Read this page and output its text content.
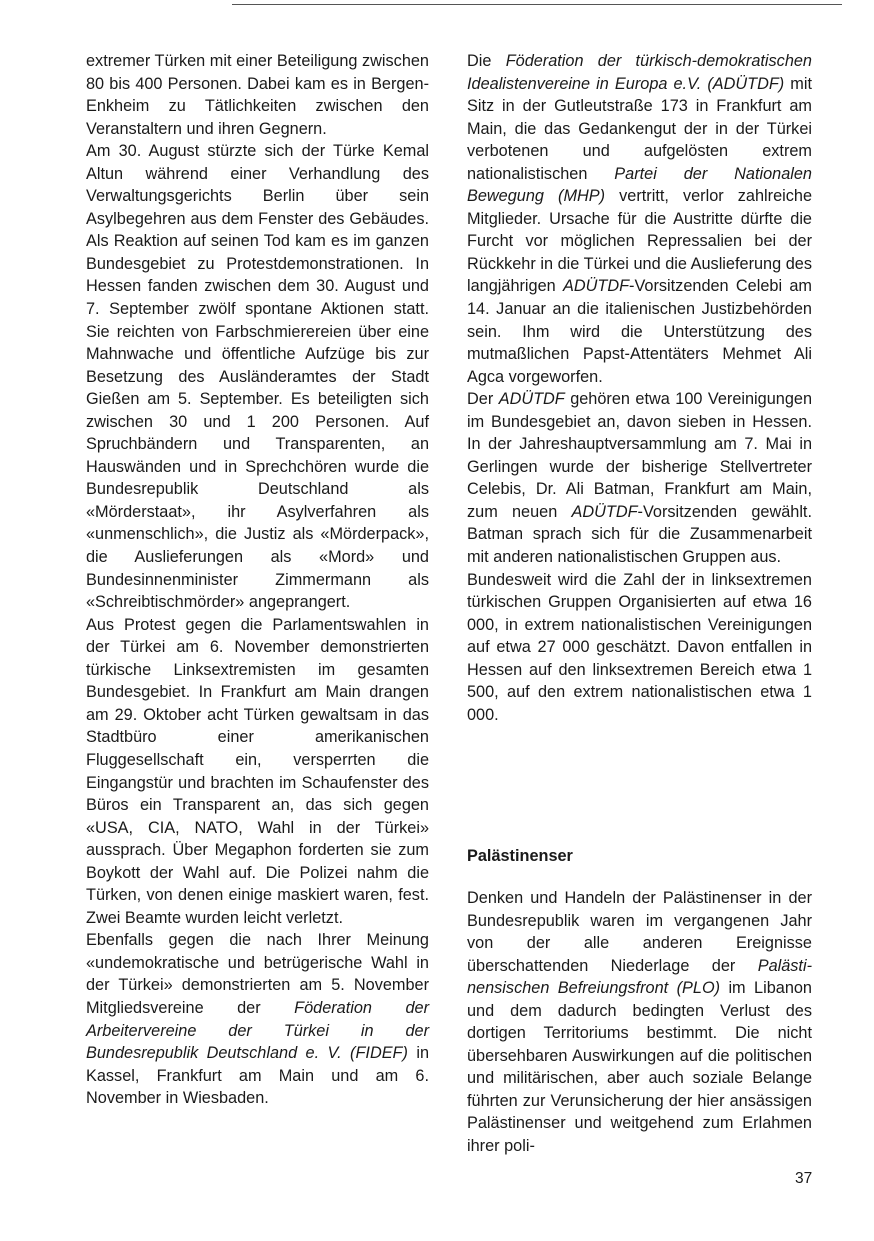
extremer Türken mit einer Beteiligung zwischen 80 bis 400 Personen. Dabei kam es in Bergen-Enkheim zu Tätlichkeiten zwischen den Veranstaltern und ihren Gegnern.

Am 30. August stürzte sich der Türke Kemal Altun während einer Verhandlung des Verwaltungsgerichts Berlin über sein Asylbegehren aus dem Fenster des Gebäudes. Als Reaktion auf seinen Tod kam es im ganzen Bundesgebiet zu Protestdemonstrationen. In Hessen fanden zwischen dem 30. August und 7. September zwölf spontane Aktionen statt. Sie reichten von Farbschmierereien über eine Mahnwache und öffentliche Aufzüge bis zur Besetzung des Ausländeramtes der Stadt Gießen am 5. September. Es beteiligten sich zwischen 30 und 1 200 Personen. Auf Spruchbändern und Transparenten, an Hauswänden und in Sprechchören wurde die Bundesrepublik Deutschland als «Mörderstaat», ihr Asylverfahren als «unmenschlich», die Justiz als «Mörderpack», die Auslieferungen als «Mord» und Bundesinnenminister Zimmermann als «Schreibtischmörder» angeprangert.

Aus Protest gegen die Parlamentswahlen in der Türkei am 6. November demonstrierten türkische Linksextremisten im gesamten Bundesgebiet. In Frankfurt am Main drangen am 29. Oktober acht Türken gewaltsam in das Stadtbüro einer amerikanischen Fluggesellschaft ein, versperrten die Eingangstür und brachten im Schaufenster des Büros ein Transparent an, das sich gegen «USA, CIA, NATO, Wahl in der Türkei» aussprach. Über Megaphon forderten sie zum Boykott der Wahl auf. Die Polizei nahm die Türken, von denen einige maskiert waren, fest. Zwei Beamte wurden leicht verletzt.

Ebenfalls gegen die nach Ihrer Meinung «undemokratische und betrügerische Wahl in der Türkei» demonstrierten am 5. November Mitgliedsvereine der Föderation der Arbeitervereine der Türkei in der Bundesrepublik Deutschland e. V. (FIDEF) in Kassel, Frankfurt am Main und am 6. November in Wiesbaden.

Die Föderation der türkisch-demokratischen Idealistenvereine in Europa e.V. (ADÜTDF) mit Sitz in der Gutleutstraße 173 in Frankfurt am Main, die das Gedankengut der in der Türkei verbotenen und aufgelösten extrem nationalistischen Partei der Nationalen Bewegung (MHP) vertritt, verlor zahlreiche Mitglieder. Ursache für die Austritte dürfte die Furcht vor möglichen Repressalien bei der Rückkehr in die Türkei und die Auslieferung des langjährigen ADÜTDF-Vorsitzenden Celebi am 14. Januar an die italienischen Justizbehörden sein. Ihm wird die Unterstützung des mutmaßlichen Papst-Attentäters Mehmet Ali Agca vorgeworfen.

Der ADÜTDF gehören etwa 100 Vereinigungen im Bundesgebiet an, davon sieben in Hessen. In der Jahreshauptversammlung am 7. Mai in Gerlingen wurde der bisherige Stellvertreter Celebis, Dr. Ali Batman, Frankfurt am Main, zum neuen ADÜTDF-Vorsitzenden gewählt. Batman sprach sich für die Zusammenarbeit mit anderen nationalistischen Gruppen aus.

Bundesweit wird die Zahl der in linksextremen türkischen Gruppen Organisierten auf etwa 16 000, in extrem nationalistischen Vereinigungen auf etwa 27 000 geschätzt. Davon entfallen in Hessen auf den linksextremen Bereich etwa 1 500, auf den extrem nationalistischen etwa 1 000.

Palästinenser

Denken und Handeln der Palästinenser in der Bundesrepublik waren im vergangenen Jahr von der alle anderen Ereignisse überschattenden Niederlage der Palästinensischen Befreiungsfront (PLO) im Libanon und dem dadurch bedingten Verlust des dortigen Territoriums bestimmt. Die nicht übersehbaren Auswirkungen auf die politischen und militärischen, aber auch soziale Belange führten zur Verunsicherung der hier ansässigen Palästinenser und weitgehend zum Erlahmen ihrer poli-

37
